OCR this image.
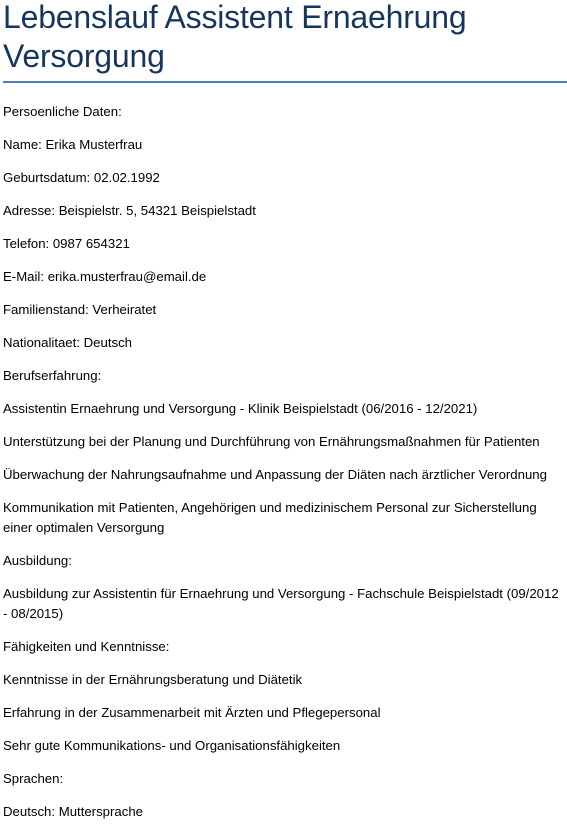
Lebenslauf Assistent Ernaehrung Versorgung

Persoenliche Daten:

Name: Erika Musterfrau

Geburtsdatum: 02.02.1992

Adresse: Beispielstr. 5, 54321 Beispielstadt

Telefon: 0987 654321

E-Mail: erika.musterfrau@email.de

Familienstand: Verheiratet

Nationalitaet: Deutsch

Berufserfahrung:

Assistentin Ernaehrung und Versorgung - Klinik Beispielstadt (06/2016 - 12/2021)

Unterstützung bei der Planung und Durchführung von Ernährungsmaßnahmen für Patienten

Überwachung der Nahrungsaufnahme und Anpassung der Diäten nach ärztlicher Verordnung

Kommunikation mit Patienten, Angehörigen und medizinischem Personal zur Sicherstellung einer optimalen Versorgung

Ausbildung:

Ausbildung zur Assistentin für Ernaehrung und Versorgung - Fachschule Beispielstadt (09/2012 - 08/2015)

Fähigkeiten und Kenntnisse:

Kenntnisse in der Ernährungsberatung und Diätetik

Erfahrung in der Zusammenarbeit mit Ärzten und Pflegepersonal

Sehr gute Kommunikations- und Organisationsfähigkeiten

Sprachen:

Deutsch: Muttersprache
